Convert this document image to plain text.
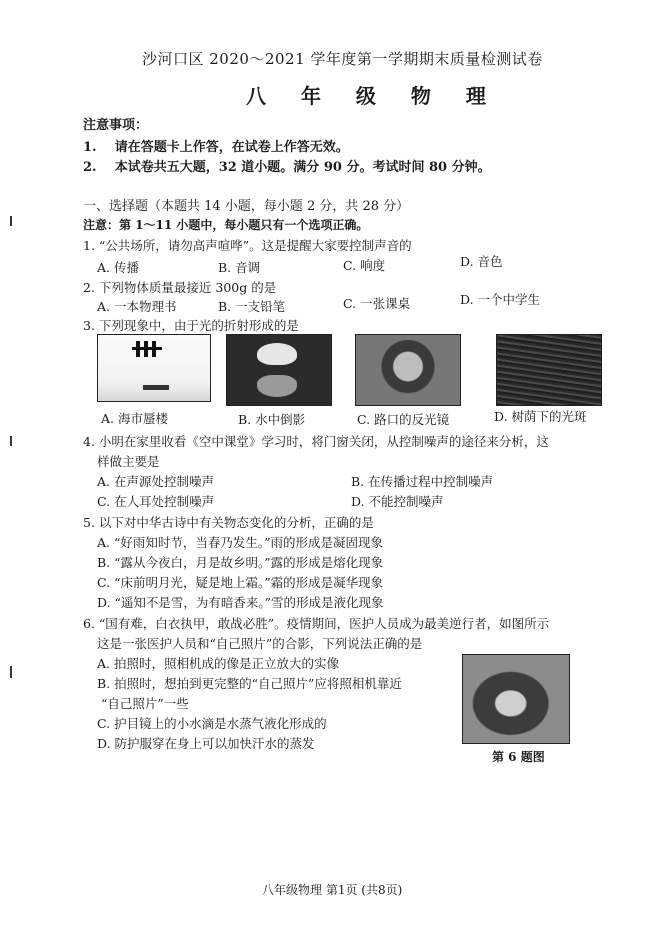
沙河口区 2020～2021 学年度第一学期期末质量检测试卷
八 年 级 物 理
注意事项：
1. 请在答题卡上作答，在试卷上作答无效。
2. 本试卷共五大题，32 道小题。满分 90 分。考试时间 80 分钟。
一、选择题（本题共 14 小题，每小题 2 分，共 28 分）
注意：第 1～11 小题中，每小题只有一个选项正确。
1. “公共场所，请勿高声喧哗”。这是提醒大家要控制声音的
A. 传播	B. 音调	C. 响度	D. 音色
2. 下列物体质量最接近 300g 的是
A. 一本物理书	B. 一支铅笔	C. 一张课桌	D. 一个中学生
3. 下列现象中，由于光的折射形成的是
A. 海市蜃楼	B. 水中倒影	C. 路口的反光镜	D. 树荫下的光斑
4. 小明在家里收看《空中课堂》学习时，将门窗关闭，从控制噪声的途径来分析，这
样做主要是
A. 在声源处控制噪声	B. 在传播过程中控制噪声
C. 在人耳处控制噪声	D. 不能控制噪声
5. 以下对中华古诗中有关物态变化的分析，正确的是
A. “好雨知时节，当春乃发生。”雨的形成是凝固现象
B. “露从今夜白，月是故乡明。”露的形成是熔化现象
C. “床前明月光，疑是地上霜。”霜的形成是凝华现象
D. “遥知不是雪，为有暗香来。”雪的形成是液化现象
6. “国有难，白衣执甲，敢战必胜”。疫情期间，医护人员成为最美逆行者，如图所示
这是一张医护人员和“自己照片”的合影，下列说法正确的是
A. 拍照时，照相机成的像是正立放大的实像
B. 拍照时，想拍到更完整的“自己照片”应将照相机靠近
“自己照片”一些
C. 护目镜上的小水滴是水蒸气液化形成的
D. 防护服穿在身上可以加快汗水的蒸发
第 6 题图
八年级物理 第1页 (共8页)
